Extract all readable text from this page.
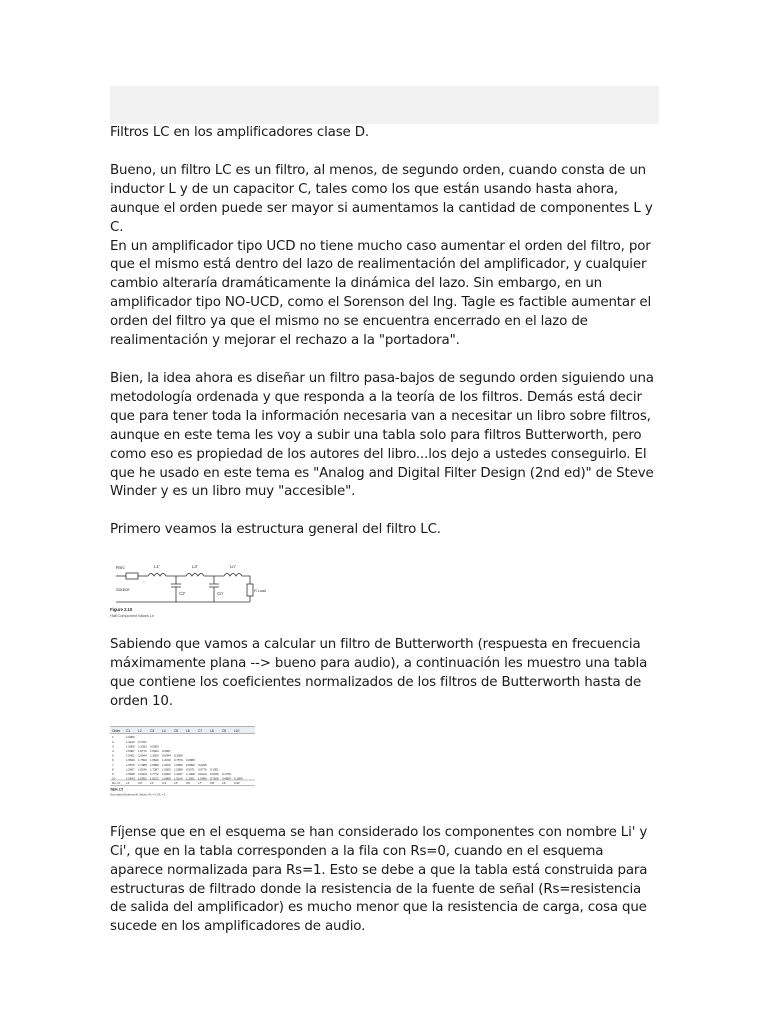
Filtros LC en los amplificadores clase D.

Bueno, un filtro LC es un filtro, al menos, de segundo orden, cuando consta de un inductor L y de un capacitor C, tales como los que están usando hasta ahora, aunque el orden puede ser mayor si aumentamos la cantidad de componentes L y C.

En un amplificador tipo UCD no tiene mucho caso aumentar el orden del filtro, por que el mismo está dentro del lazo de realimentación del amplificador, y cualquier cambio alteraría dramáticamente la dinámica del lazo. Sin embargo, en un amplificador tipo NO-UCD, como el Sorenson del Ing. Tagle es factible aumentar el orden del filtro ya que el mismo no se encuentra encerrado en el lazo de realimentación y mejorar el rechazo a la "portadora".

Bien, la idea ahora es diseñar un filtro pasa-bajos de segundo orden siguiendo una metodología ordenada y que responda a la teoría de los filtros. Demás está decir que para tener toda la información necesaria van a necesitar un libro sobre filtros, aunque en este tema les voy a subir una tabla solo para filtros Butterworth, pero como eso es propiedad de los autores del libro...los dejo a ustedes conseguirlo. El que he usado en este tema es "Analog and Digital Filter Design (2nd ed)" de Steve Winder y es un libro muy "accesible".

Primero veamos la estructura general del filtro LC.

Rsrc	L1'	L3'	Ln'
Source
C2'	Cn'
R Load
Figure 2.10
Half Component Values Ln

Sabiendo que vamos a calcular un filtro de Butterworth (respuesta en frecuencia máximamente plana --> bueno para audio), a continuación les muestro una tabla que contiene los coeficientes normalizados de los filtros de Butterworth hasta de orden 10.

Order C1 L2	C3 L4	C5 L6	C7 L8	C9 L10
1	1.0000
2	1.4142 0.7071
3	1.5000 1.3333 0.5000
4	1.5307 1.5772 1.0824 0.3827
5	1.5451 1.6944 1.3820 0.8944 0.3090
6	1.5529 1.7593 1.5529 1.2016 0.7579 0.2588
7	1.5576 1.7988 1.6588 1.3972 1.0550 0.6560 0.2225
8	1.5607 1.8246 1.7287 1.5283 1.2588 0.9371 0.5776 0.1951
9	1.5628 1.8424 1.7772 1.6202 1.4037 1.1408 0.8414 0.5155 0.1736
10	1.5643 1.8552 1.8121 1.6869 1.5100 1.2921 1.0406 0.7626 0.4654 0.1564
Rs = 0 L1'	C2'	L3'	C4'	L5'	C6'	L7'	C8'	L9'	C10'
Table 2.5
Normalized Butterworth Values, Rs = 0, RL = 1

Fíjense que en el esquema se han considerado los componentes con nombre Li' y Ci', que en la tabla corresponden a la fila con Rs=0, cuando en el esquema aparece normalizada para Rs=1. Esto se debe a que la tabla está construida para estructuras de filtrado donde la resistencia de la fuente de señal (Rs=resistencia de salida del amplificador) es mucho menor que la resistencia de carga, cosa que sucede en los amplificadores de audio.
